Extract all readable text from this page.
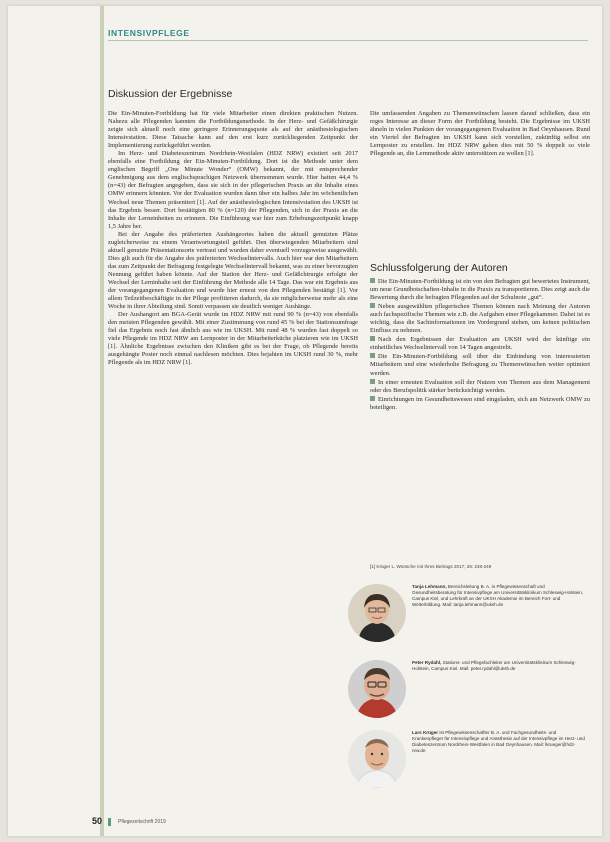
INTENSIVPFLEGE
Diskussion der Ergebnisse

Die Ein-Minuten-Fortbildung hat für viele Mitarbeiter einen direkten praktischen Nutzen. Nahezu alle Pflegenden kannten die Fortbildungsmethode. In der Herz- und Gefäßchirurgie zeigte sich aktuell noch eine geringere Erinnerungsquote als auf der anästhesiologischen Intensivstation. Diese Tatsache kann auf den erst kurz zurückliegenden Zeitpunkt der Implementierung zurückgeführt werden.

Im Herz- und Diabeteszentrum Nordrhein-Westfalen (HDZ NRW) existiert seit 2017 ebenfalls eine Fortbildung der Ein-Minuten-Fortbildung. Dort ist die Methode unter dem englischen Begriff „One Minute Wonder“ (OMW) bekannt, der mit entsprechender Genehmigung aus dem englischsprachigen Netzwerk übernommen wurde. Hier hatten 44,4 % (n=43) der Befragten angegeben, dass sie sich in der pflegerischen Praxis an die Inhalte eines OMW erinnern könnten. Vor der Evaluation wurden dann über ein halbes Jahr im wöchentlichen Wechsel neue Themen präsentiert [1]. Auf der anästhesiologischen Intensivstation des UKSH ist das Ergebnis besser. Dort bestätigten 80 % (n=120) der Pflegenden, sich in der Praxis an die Inhalte der Lerneinheiten zu erinnern. Die Einführung war hier zum Erhebungszeitpunkt knapp 1,5 Jahre her.

Bei der Angabe des präferierten Aushängeortes haben die aktuell genutzten Plätze zugleicherweise zu einem Verantwortungsteil geführt. Den überwiegenden Mitarbeitern sind aktuell genutzte Präsentationsorte vertraut und wurden daher eventuell vorzugsweise ausgewählt. Dies gilt auch für die Angabe des präferierten Wechselintervalls. Auch hier war den Mitarbeitern das zum Zeitpunkt der Befragung festgelegte Wechselintervall bekannt, was zu einer bevorzugten Nennung geführt haben könnte. Auf der Station der Herz- und Gefäßchirurgie erfolgte der Wechsel der Lerninhalte seit der Einführung der Methode alle 14 Tage. Das war ein Ergebnis aus der vorangegangenen Evaluation und wurde hier erneut von den Pflegenden bestätigt [1]. Vor allem Teilzeitbeschäftigte in der Pflege profitieren dadurch, da sie möglicherweise mehr als eine Woche in ihrer Abteilung sind. Somit verpassen sie deutlich weniger Aushänge.

Der Aushangort am BGA-Gerät wurde im HDZ NRW mit rund 90 % (n=43) von ebenfalls den meisten Pflegenden gewählt. Mit einer Zustimmung von rund 45 % bei der Stationsumfrage fiel das Ergebnis noch fast ähnlich aus wie im UKSH. Mit rund 48 % wurden fast doppelt so viele Pflegende im HDZ NRW am Lernposter in der Mitarbeiterküche platzieren wie im UKSH [1]. Ähnliche Ergebnisse zwischen den Kliniken gibt es bei der Frage, ob Pflegende bereits ausgehängte Poster noch einmal nachlesen möchten. Dies bejahten im UKSH rund 30 %, mehr Pflegende als im HDZ NRW [1].

Die umfassenden Angaben zu Themenwünschen lassen darauf schließen, dass ein reges Interesse an dieser Form der Fortbildung besteht. Die Ergebnisse im UKSH ähneln in vielen Punkten der vorangegangenen Evaluation in Bad Oeynhausen. Rund ein Viertel der Befragten im UKSH kann sich vorstellen, zukünftig selbst ein Lernposter zu erstellen. Im HDZ NRW gaben dies mit 50 % doppelt so viele Pflegende an, die Lernmethode aktiv unterstützen zu wollen [1].

Schlussfolgerung der Autoren
Die Ein-Minuten-Fortbildung ist ein von den Befragten gut bewertetes Instrument, um neue Grundbotschaften-Inhalte in die Praxis zu transportieren. Dies zeigt auch die Bewertung durch die befragten Pflegenden auf der Schulnote „gut“.
Neben ausgewählten pflegerischen Themen können nach Meinung der Autoren auch fachspezifische Themen wie z.B. die Aufgaben einer Pflegekammer. Dabei ist es wichtig, dass die Sachinformationen im Vordergrund stehen, um keinen politischen Einfluss zu nehmen.
Nach den Ergebnissen der Evaluation am UKSH wird der künftige ein einheitliches Wechselintervall von 14 Tagen angestrebt.
Die Ein-Minuten-Fortbildung soll über die Einbindung von interessierten Mitarbeitern und eine wiederholte Befragung zu Themenwünschen weiter optimiert werden.
In einer erneuten Evaluation soll der Nutzen von Themen aus dem Management oder des Berufspolitik stärker berücksichtigt werden.
Einrichtungen im Gesundheitswesen sind eingeladen, sich am Netzwerk OMW zu beteiligen.
[1] Krüger L. Wünsche mit Ihres Beitrags 2017; 26: 248-249
Tanja Lehmann, Bereichsleitung B. A. in Pflegewissenschaft und Gesundheitsberatung für Intensivpflege am Universitätsklinikum Schleswig-Holstein, Campus Kiel, und Lehrkraft an der UKSH Akademie im Bereich Fort- und Weiterbildung. Mail: tanja.lehmann@uksh.de
Peter Rydahl, Stations- und Pflegefachleiter am Universitätsklinikum Schleswig-Holstein, Campus Kiel. Mail: peter.rydahl@uksh.de
Lars Krüger ist Pflegewissenschaftler B. A. und Fachgesundheits- und Krankenpfleger für Intensivpflege und Anästhesie auf der Intensivpflege im Herz- und Diabeteszentrum Nordrhein-Westfalen in Bad Oeynhausen. Mail: lkrueger@hdz-nrw.de
50	Pflegezeitschrift 2019
